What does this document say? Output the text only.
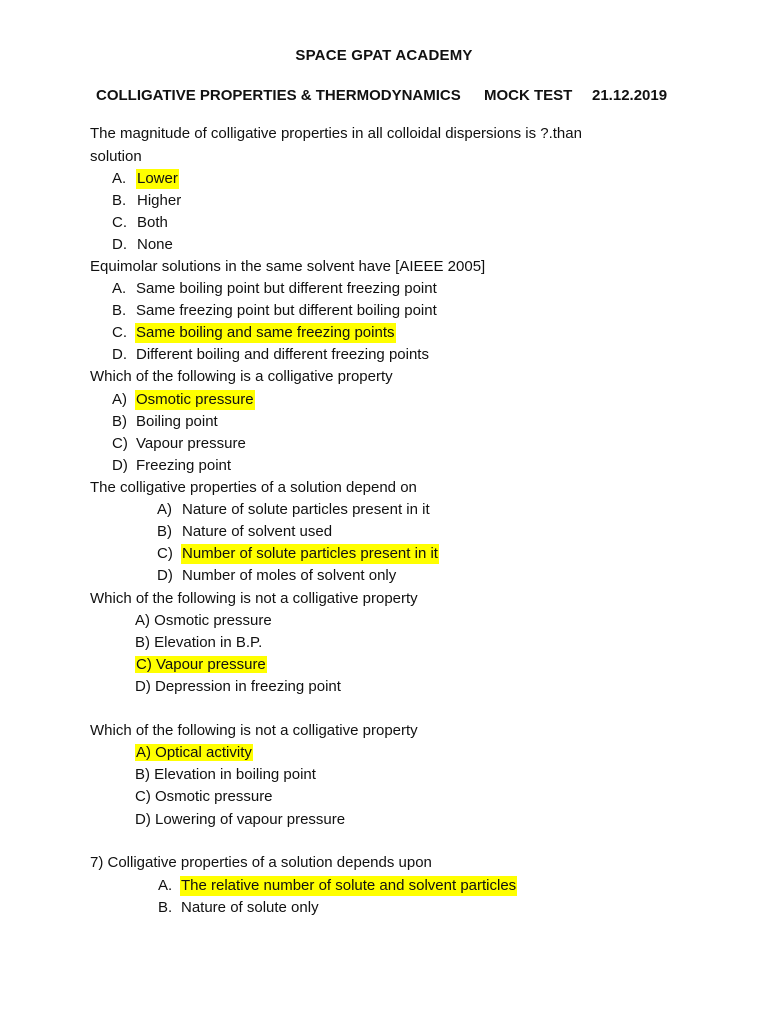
SPACE GPAT ACADEMY
COLLIGATIVE PROPERTIES & THERMODYNAMICS MOCK TEST 21.12.2019
The magnitude of colligative properties in all colloidal dispersions is ?.than
solution
A. Lower
B. Higher
C. Both
D. None
Equimolar solutions in the same solvent have [AIEEE 2005]
A. Same boiling point but different freezing point
B. Same freezing point but different boiling point
C. Same boiling and same freezing points
D. Different boiling and different freezing points
Which of the following is a colligative property
A) Osmotic pressure
B) Boiling point
C) Vapour pressure
D) Freezing point
The colligative properties of a solution depend on
A) Nature of solute particles present in it
B) Nature of solvent used
C) Number of solute particles present in it
D) Number of moles of solvent only
Which of the following is not a colligative property
A) Osmotic pressure
B) Elevation in B.P.
C) Vapour pressure
D) Depression in freezing point
Which of the following is not a colligative property
A) Optical activity
B) Elevation in boiling point
C) Osmotic pressure
D) Lowering of vapour pressure
7) Colligative properties of a solution depends upon
A. The relative number of solute and solvent particles
B. Nature of solute only
